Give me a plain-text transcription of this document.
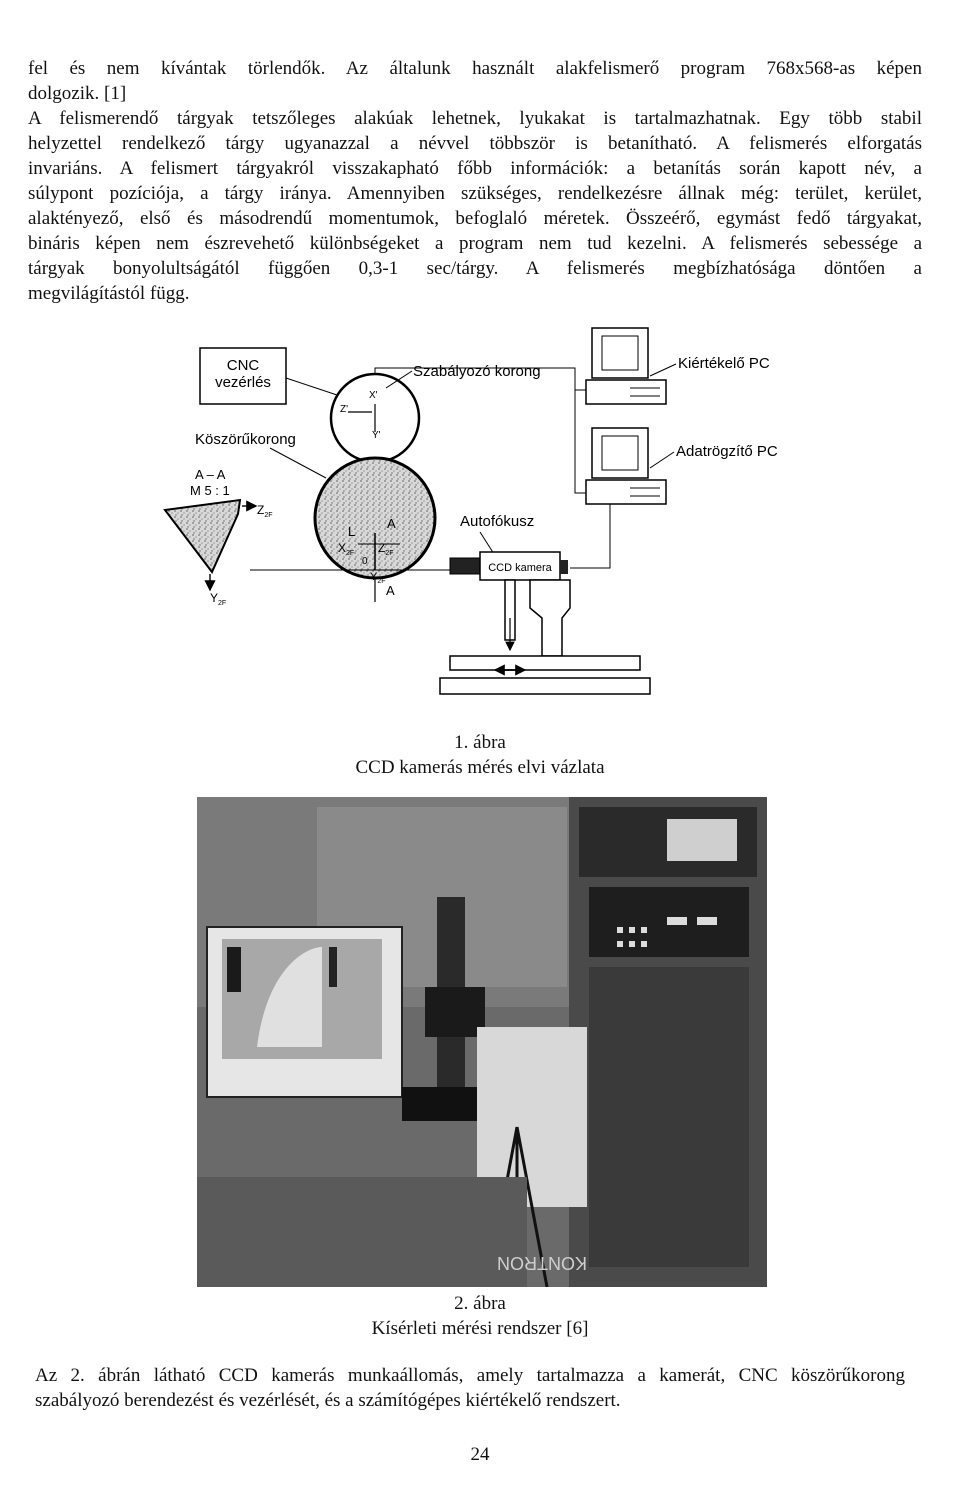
fel és nem kívántak törlendők. Az általunk használt alakfelismerő program 768x568-as képen
dolgozik. [1]
A felismerendő tárgyak tetszőleges alakúak lehetnek, lyukakat is tartalmazhatnak. Egy több stabil
helyzettel rendelkező tárgy ugyanazzal a névvel többször is betanítható. A felismerés elforgatás
invariáns. A felismert tárgyakról visszakapható főbb információk: a betanítás során kapott név, a
súlypont pozíciója, a tárgy iránya. Amennyiben szükséges, rendelkezésre állnak még: terület, kerület,
alaktényező, első és másodrendű momentumok, befoglaló méretek. Összeérő, egymást fedő tárgyakat,
bináris képen nem észrevehető különbségeket a program nem tud kezelni. A felismerés sebessége a
tárgyak bonyolultságától függően 0,3-1 sec/tárgy. A felismerés megbízhatósága döntően a
megvilágítástól függ.
CNC
vezérlés
Szabályozó korong
X'
Z'
Y'
Köszörűkorong
L
A
$X_{2F}$ $Z_{2F}$
0
$Y_{2F}$
A
A – A
M 5 : 1
$Z_{2F}$
$Y_{2F}$
Kiértékelő PC
Adatrögzítő PC
Autofókusz
CCD kamera
1. ábra
CCD kamerás mérés elvi vázlata
KONTRON
2. ábra
Kísérleti mérési rendszer [6]
Az 2. ábrán látható CCD kamerás munkaállomás, amely tartalmazza a kamerát, CNC köszörűkorong
szabályozó berendezést és vezérlését, és a számítógépes kiértékelő rendszert.
24
